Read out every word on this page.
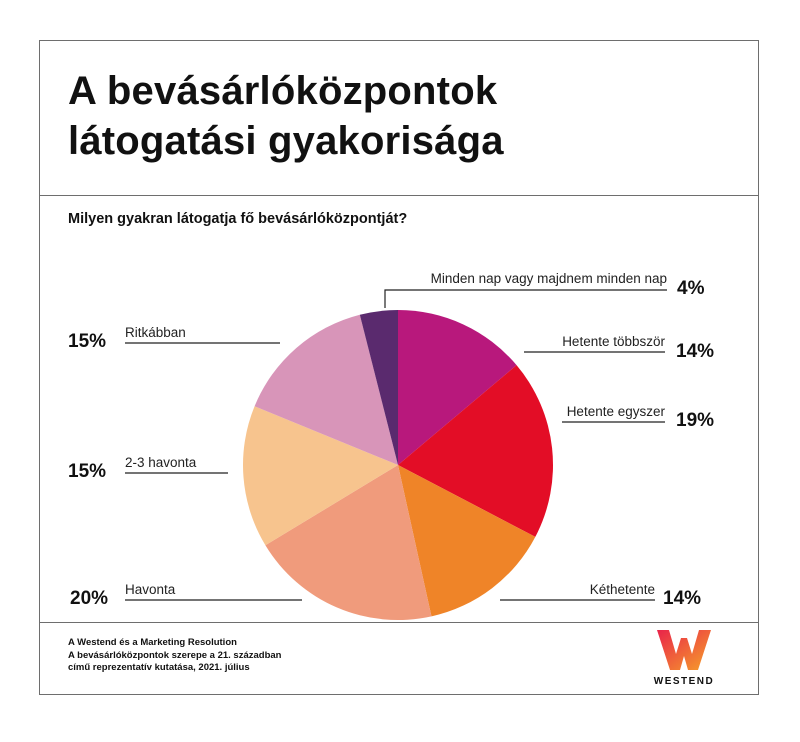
A bevásárlóközpontok
látogatási gyakorisága
Milyen gyakran látogatja fő bevásárlóközpontját?
Hetente többször 14%
Hetente egyszer 19%
Kéthetente 14%
Havonta
20%
2-3 havonta
15%
Ritkábban
15%
Minden nap vagy majdnem minden nap 4%
A Westend és a Marketing Resolution
A bevásárlóközpontok szerepe a 21. században
című reprezentatív kutatása, 2021. július
WESTEND
